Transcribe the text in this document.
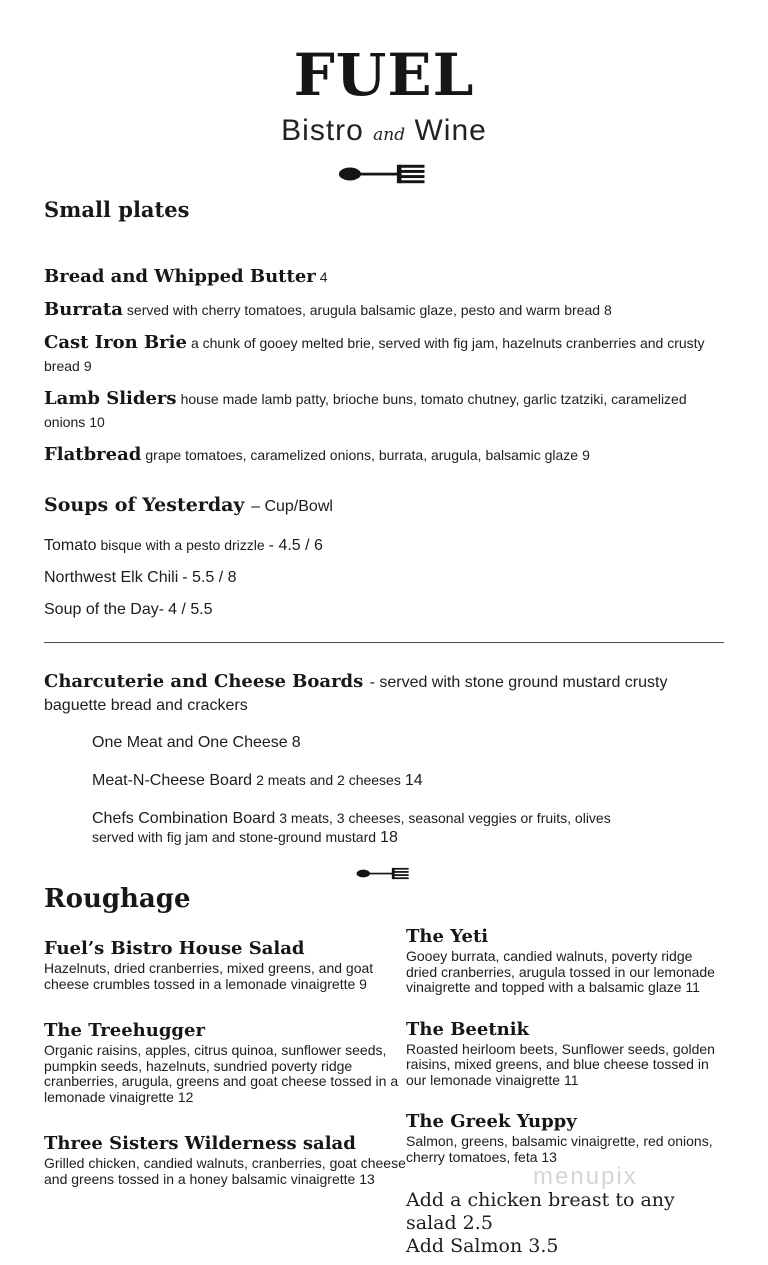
FUEL
Bistro and Wine
Small plates

Bread and Whipped Butter 4

Burrata served with cherry tomatoes, arugula balsamic glaze, pesto and warm bread 8

Cast Iron Brie a chunk of gooey melted brie, served with fig jam, hazelnuts cranberries and crusty bread 9

Lamb Sliders house made lamb patty, brioche buns, tomato chutney, garlic tzatziki, caramelized onions 10

Flatbread grape tomatoes, caramelized onions, burrata, arugula, balsamic glaze 9

Soups of Yesterday – Cup/Bowl

Tomato bisque with a pesto drizzle - 4.5 / 6

Northwest Elk Chili - 5.5 / 8

Soup of the Day- 4 / 5.5

Charcuterie and Cheese Boards - served with stone ground mustard crusty baguette bread and crackers

One Meat and One Cheese 8

Meat-N-Cheese Board 2 meats and 2 cheeses 14

Chefs Combination Board 3 meats, 3 cheeses, seasonal veggies or fruits, olives served with fig jam and stone-ground mustard 18

Roughage
Fuel’s Bistro House Salad
Hazelnuts, dried cranberries, mixed greens, and goat cheese crumbles tossed in a lemonade vinaigrette 9
The Treehugger
Organic raisins, apples, citrus quinoa, sunflower seeds, pumpkin seeds, hazelnuts, sundried poverty ridge cranberries, arugula, greens and goat cheese tossed in a lemonade vinaigrette 12
Three Sisters Wilderness salad
Grilled chicken, candied walnuts, cranberries, goat cheese and greens tossed in a honey balsamic vinaigrette 13
The Yeti
Gooey burrata, candied walnuts, poverty ridge dried cranberries, arugula tossed in our lemonade vinaigrette and topped with a balsamic glaze 11
The Beetnik
Roasted heirloom beets, Sunflower seeds, golden raisins, mixed greens, and blue cheese tossed in our lemonade vinaigrette 11
The Greek Yuppy
Salmon, greens, balsamic vinaigrette, red onions, cherry tomatoes, feta 13
Add a chicken breast to any salad 2.5
Add Salmon 3.5
menupix
